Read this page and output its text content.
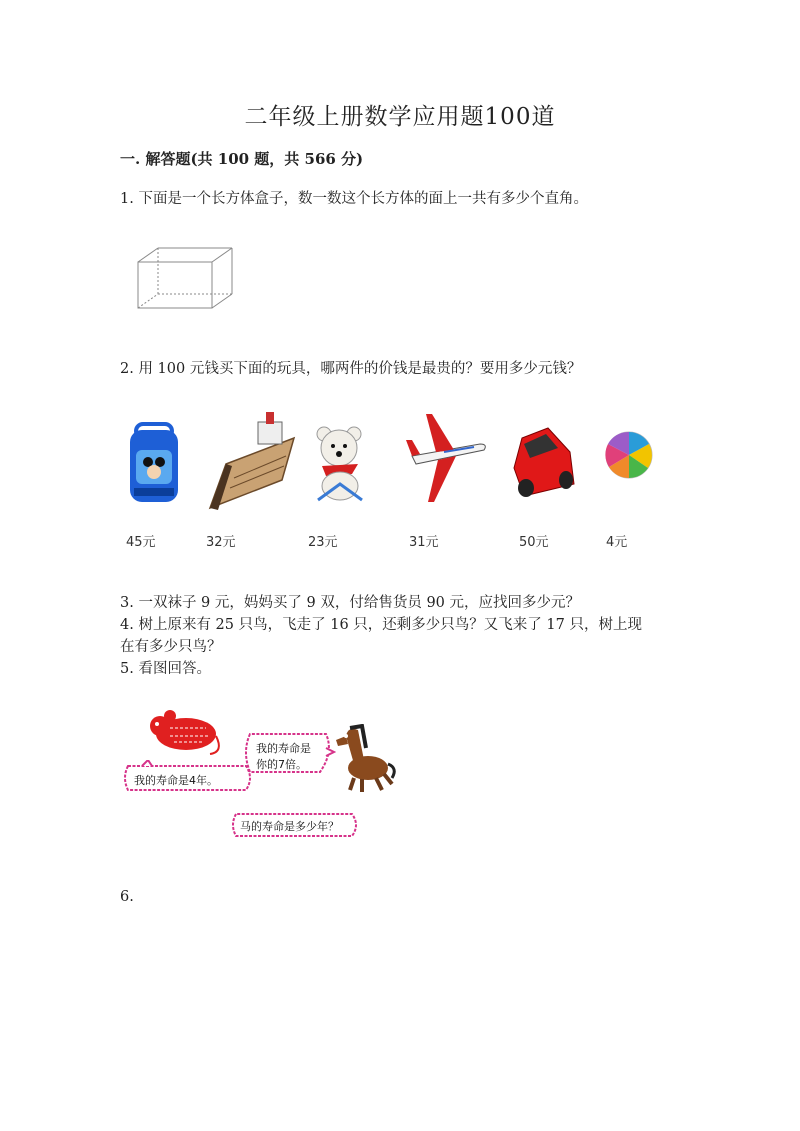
二年级上册数学应用题100道
一. 解答题(共 100 题，共 566 分)
1. 下面是一个长方体盒子，数一数这个长方体的面上一共有多少个直角。
2. 用 100 元钱买下面的玩具，哪两件的价钱是最贵的？要用多少元钱？
45元	32元	23元	31元	50元	4元
3. 一双袜子 9 元，妈妈买了 9 双，付给售货员 90 元，应找回多少元？
4. 树上原来有 25 只鸟，飞走了 16 只，还剩多少只鸟？又飞来了 17 只，树上现
在有多少只鸟？
5. 看图回答。
我的寿命是4年。
我的寿命是
你的7倍。
马的寿命是多少年？
6.
